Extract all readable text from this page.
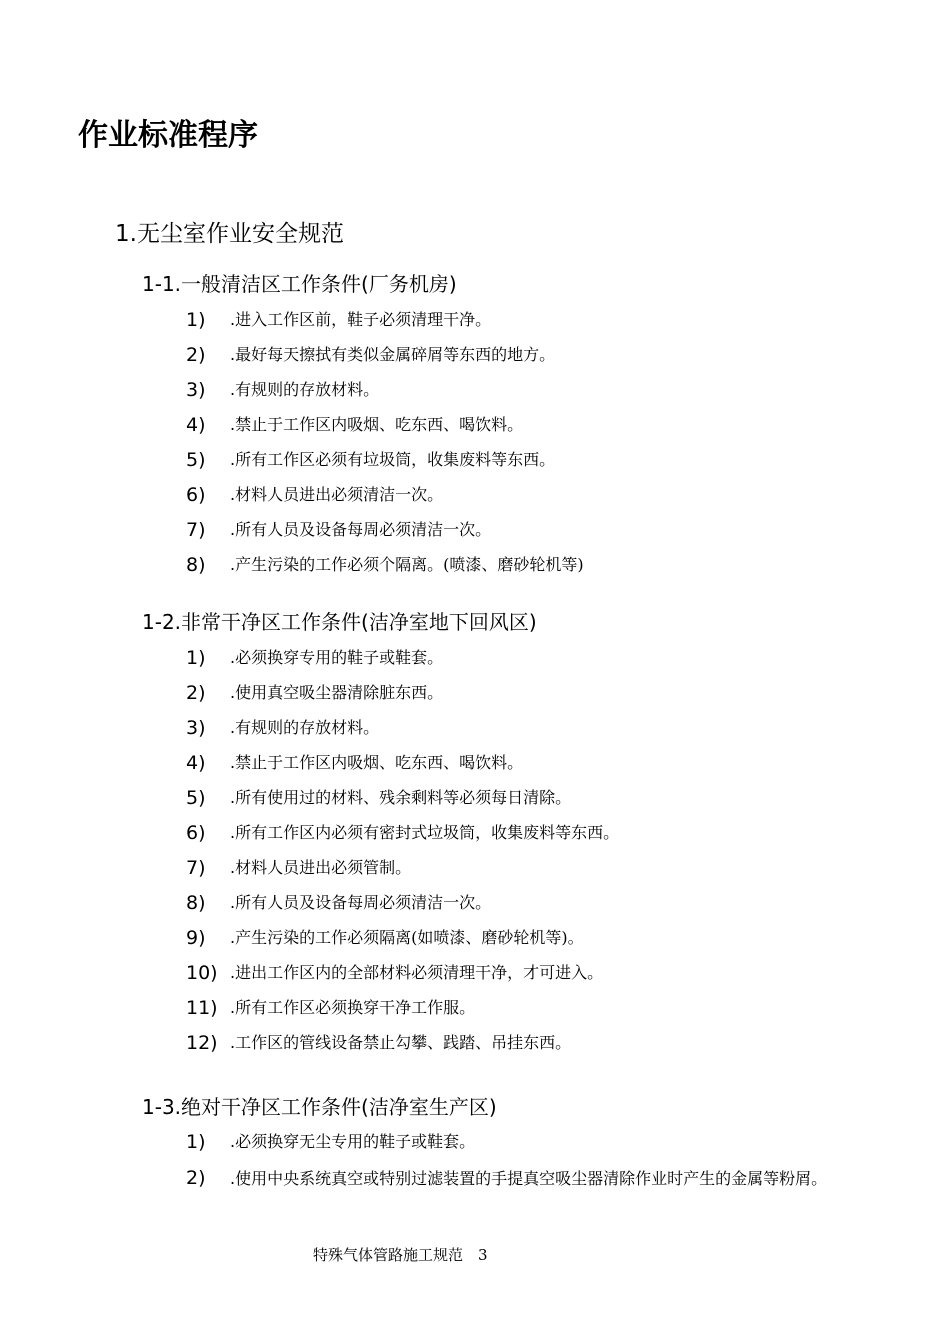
作业标准程序
1.无尘室作业安全规范
1-1.一般清洁区工作条件(厂务机房)
1) .进入工作区前，鞋子必须清理干净。
2) .最好每天擦拭有类似金属碎屑等东西的地方。
3) .有规则的存放材料。
4) .禁止于工作区内吸烟、吃东西、喝饮料。
5) .所有工作区必须有垃圾筒，收集废料等东西。
6) .材料人员进出必须清洁一次。
7) .所有人员及设备每周必须清洁一次。
8) .产生污染的工作必须个隔离。(喷漆、磨砂轮机等)
1-2.非常干净区工作条件(洁净室地下回风区)
1) .必须换穿专用的鞋子或鞋套。
2) .使用真空吸尘器清除脏东西。
3) .有规则的存放材料。
4) .禁止于工作区内吸烟、吃东西、喝饮料。
5) .所有使用过的材料、残余剩料等必须每日清除。
6) .所有工作区内必须有密封式垃圾筒，收集废料等东西。
7) .材料人员进出必须管制。
8) .所有人员及设备每周必须清洁一次。
9) .产生污染的工作必须隔离(如喷漆、磨砂轮机等)。
10) .进出工作区内的全部材料必须清理干净，才可进入。
11) .所有工作区必须换穿干净工作服。
12) .工作区的管线设备禁止勾攀、践踏、吊挂东西。
1-3.绝对干净区工作条件(洁净室生产区)
1) .必须换穿无尘专用的鞋子或鞋套。
2)	.使用中央系统真空或特别过滤装置的手提真空吸尘器清除作业时产生的金属等粉屑。
特殊气体管路施工规范　3
